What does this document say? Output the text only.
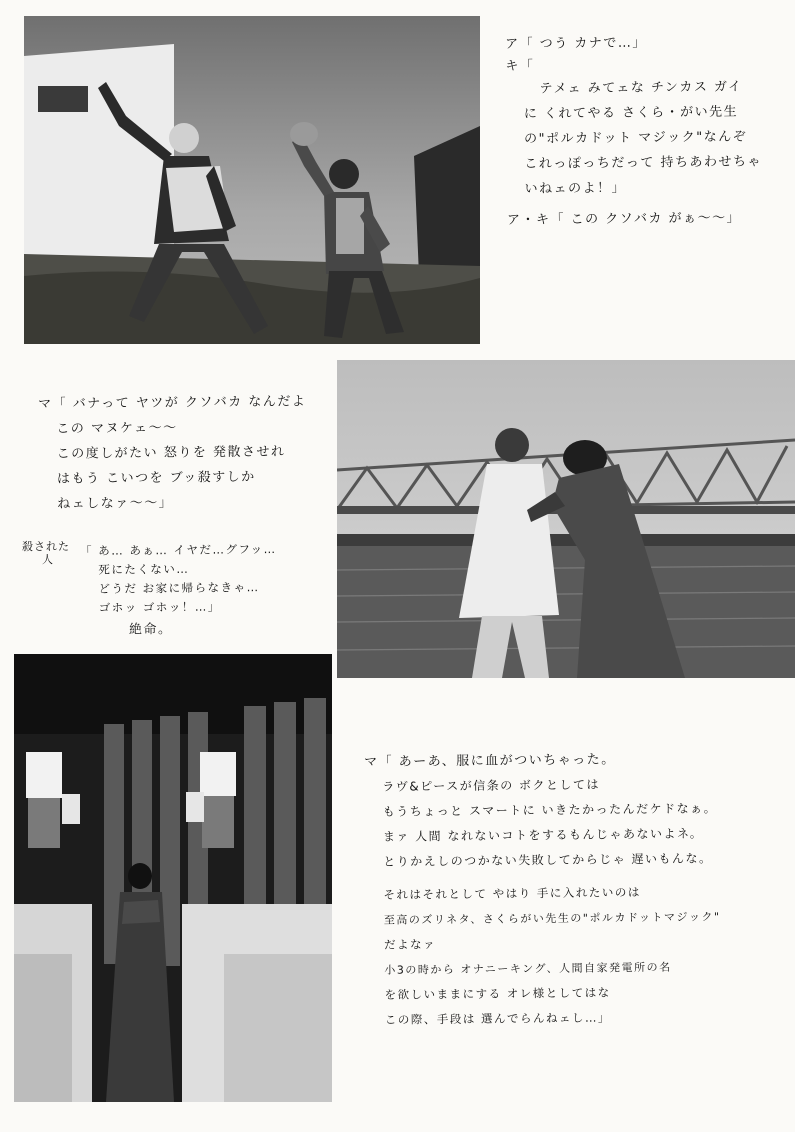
ア「 つう カナで…」
キ「
テメェ みてェな チンカス ガイ
に くれてやる さくら・がい先生
の"ポルカドット マジック"なんぞ
これっぽっちだって 持ちあわせちゃ
いねェのよ！」
ア・キ「 この クソバカ がぁ〜〜」
マ「 バナって ヤツが クソバカ なんだよ
この マヌケェ〜〜
この度しがたい 怒りを 発散させれ
はもう こいつを ブッ殺すしか
ねェしなァ〜〜」
殺された
人
「 あ… あぁ… イヤだ…グフッ…
死にたくない…
どうだ お家に帰らなきゃ…
ゴホッ ゴホッ！…」
絶命。
マ「 あーあ、服に血がついちゃった。
ラヴ&ピースが信条の ボクとしては
もうちょっと スマートに いきたかったんだケドなぁ。
まァ 人間 なれないコトをするもんじゃあないよネ。
とりかえしのつかない失敗してからじゃ 遅いもんな。
それはそれとして やはり 手に入れたいのは
至高のズリネタ、さくらがい先生の"ポルカドットマジック"
だよなァ
小3の時から オナニーキング、人間自家発電所の名
を欲しいままにする オレ様としてはな
この際、手段は 選んでらんねェし…」
